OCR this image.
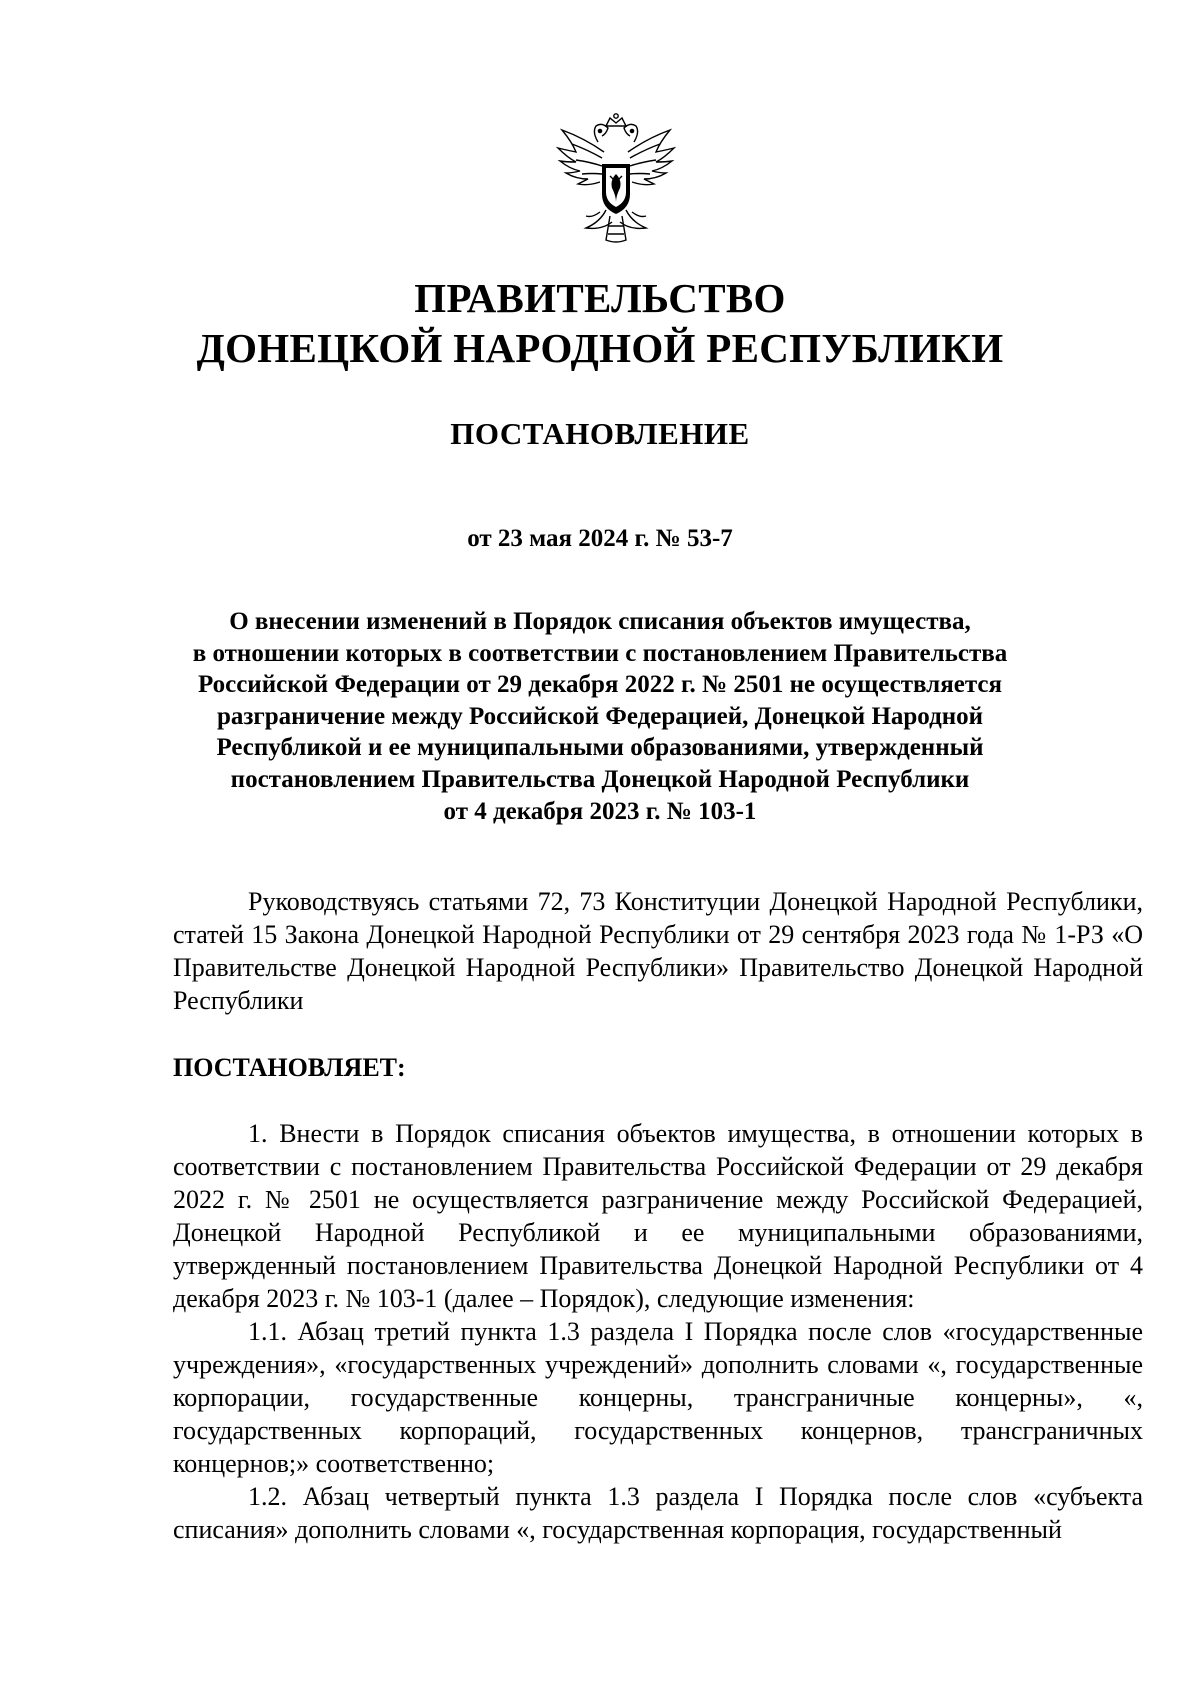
ПРАВИТЕЛЬСТВО

ДОНЕЦКОЙ НАРОДНОЙ РЕСПУБЛИКИ

ПОСТАНОВЛЕНИЕ

от 23 мая 2024 г. № 53-7

О внесении изменений в Порядок списания объектов имущества,
в отношении которых в соответствии с постановлением Правительства
Российской Федерации от 29 декабря 2022 г. № 2501 не осуществляется
разграничение между Российской Федерацией, Донецкой Народной
Республикой и ее муниципальными образованиями, утвержденный
постановлением Правительства Донецкой Народной Республики
от 4 декабря 2023 г. № 103-1

Руководствуясь статьями 72, 73 Конституции Донецкой Народной Республики, статей 15 Закона Донецкой Народной Республики от 29 сентября 2023 года № 1-РЗ «О Правительстве Донецкой Народной Республики» Правительство Донецкой Народной Республики

ПОСТАНОВЛЯЕТ:

1. Внести в Порядок списания объектов имущества, в отношении которых в соответствии с постановлением Правительства Российской Федерации от 29 декабря 2022 г. № 2501 не осуществляется разграничение между Российской Федерацией, Донецкой Народной Республикой и ее муниципальными образованиями, утвержденный постановлением Правительства Донецкой Народной Республики от 4 декабря 2023 г. № 103-1 (далее – Порядок), следующие изменения:

1.1. Абзац третий пункта 1.3 раздела I Порядка после слов «государственные учреждения», «государственных учреждений» дополнить словами «, государственные корпорации, государственные концерны, трансграничные концерны», «, государственных корпораций, государственных концернов, трансграничных концернов;» соответственно;

1.2. Абзац четвертый пункта 1.3 раздела I Порядка после слов «субъекта списания» дополнить словами «, государственная корпорация, государственный
